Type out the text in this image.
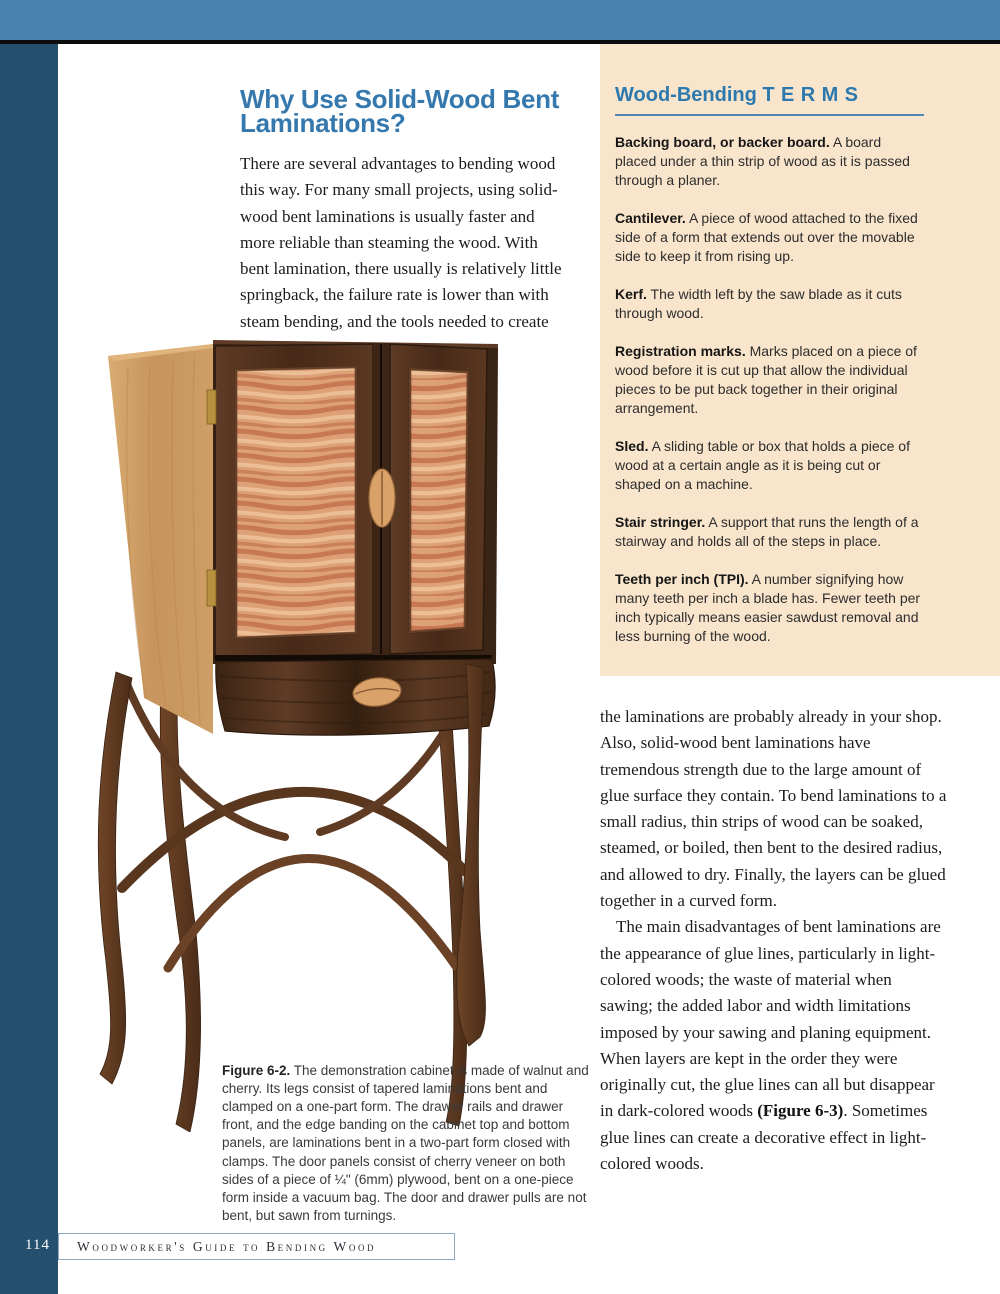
Why Use Solid-Wood Bent Laminations?

There are several advantages to bending wood this way. For many small projects, using solid-wood bent laminations is usually faster and more reliable than steaming the wood. With bent lamination, there usually is relatively little springback, the failure rate is lower than with steam bending, and the tools needed to create

Figure 6-2. The demonstration cabinet is made of walnut and cherry. Its legs consist of tapered laminations bent and clamped on a one-part form. The drawer rails and drawer front, and the edge banding on the cabinet top and bottom panels, are laminations bent in a two-part form closed with clamps. The door panels consist of cherry veneer on both sides of a piece of ¼" (6mm) plywood, bent on a one-piece form inside a vacuum bag. The door and drawer pulls are not bent, but sawn from turnings.

Wood-Bending TERMS

Backing board, or backer board. A board placed under a thin strip of wood as it is passed through a planer.

Cantilever. A piece of wood attached to the fixed side of a form that extends out over the movable side to keep it from rising up.

Kerf. The width left by the saw blade as it cuts through wood.

Registration marks. Marks placed on a piece of wood before it is cut up that allow the individual pieces to be put back together in their original arrangement.

Sled. A sliding table or box that holds a piece of wood at a certain angle as it is being cut or shaped on a machine.

Stair stringer. A support that runs the length of a stairway and holds all of the steps in place.

Teeth per inch (TPI). A number signifying how many teeth per inch a blade has. Fewer teeth per inch typically means easier sawdust removal and less burning of the wood.

the laminations are probably already in your shop. Also, solid-wood bent laminations have tremendous strength due to the large amount of glue surface they contain. To bend laminations to a small radius, thin strips of wood can be soaked, steamed, or boiled, then bent to the desired radius, and allowed to dry. Finally, the layers can be glued together in a curved form.

The main disadvantages of bent laminations are the appearance of glue lines, particularly in light-colored woods; the waste of material when sawing; the added labor and width limitations imposed by your sawing and planing equipment. When layers are kept in the order they were originally cut, the glue lines can all but disappear in dark-colored woods (Figure 6-3). Sometimes glue lines can create a decorative effect in light-colored woods.

Woodworker's Guide to Bending Wood
114
